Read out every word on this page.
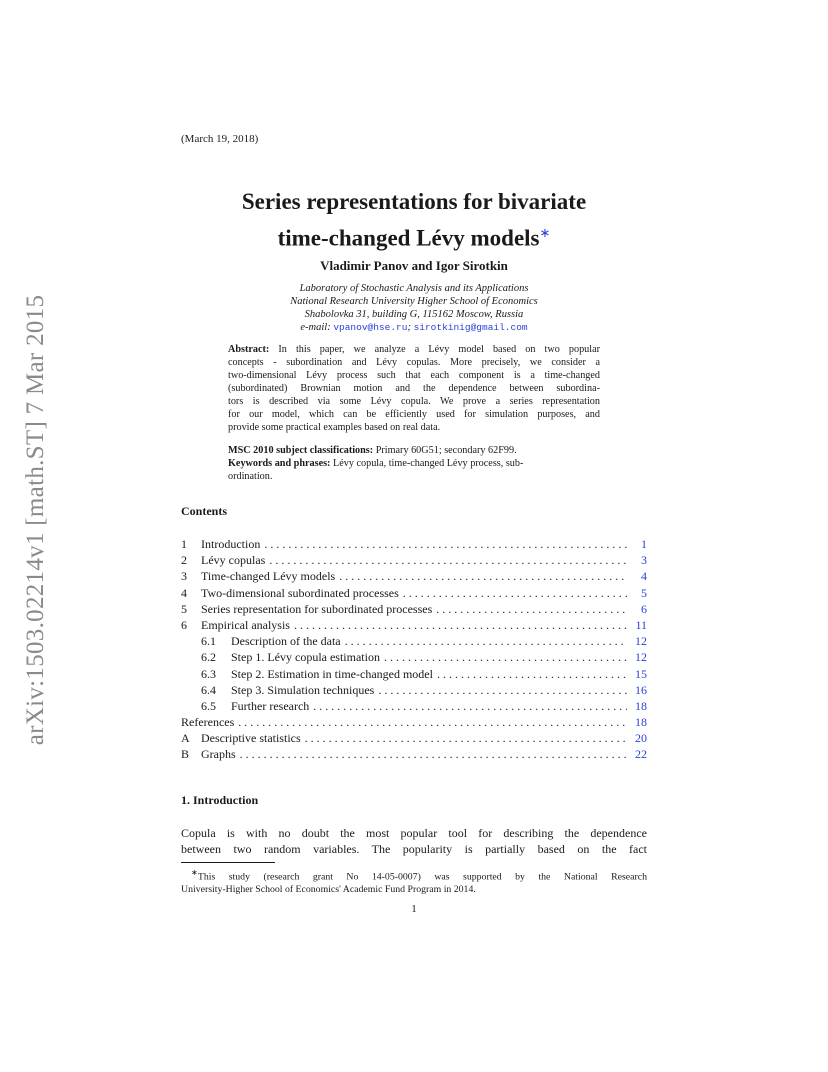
arXiv:1503.02214v1 [math.ST] 7 Mar 2015
(March 19, 2018)
Series representations for bivariate
time-changed Lévy models∗
Vladimir Panov and Igor Sirotkin
Laboratory of Stochastic Analysis and its Applications
National Research University Higher School of Economics
Shabolovka 31, building G, 115162 Moscow, Russia
e-mail: vpanov@hse.ru; sirotkinig@gmail.com
Abstract: In this paper, we analyze a Lévy model based on two popular
concepts - subordination and Lévy copulas. More precisely, we consider a
two-dimensional Lévy process such that each component is a time-changed
(subordinated) Brownian motion and the dependence between subordina-
tors is described via some Lévy copula. We prove a series representation
for our model, which can be efficiently used for simulation purposes, and
provide some practical examples based on real data.
MSC 2010 subject classifications: Primary 60G51; secondary 62F99.
Keywords and phrases: Lévy copula, time-changed Lévy process, sub-
ordination.
Contents
1	Introduction . . .	1
2	Lévy copulas . . .	3
3	Time-changed Lévy models . . .	4
4	Two-dimensional subordinated processes . . .	5
5	Series representation for subordinated processes . . .	6
6	Empirical analysis . . .	11
6.1	Description of the data . . .	12
6.2	Step 1. Lévy copula estimation . . .	12
6.3	Step 2. Estimation in time-changed model . . .	15
6.4	Step 3. Simulation techniques . . .	16
6.5	Further research . . .	18
References . . .	18
A Descriptive statistics . . .	20
B Graphs . . .	22
1. Introduction
Copula is with no doubt the most popular tool for describing the dependence
between two random variables. The popularity is partially based on the fact
∗This study (research grant No 14-05-0007) was supported by the National Research
University-Higher School of Economics' Academic Fund Program in 2014.
1
